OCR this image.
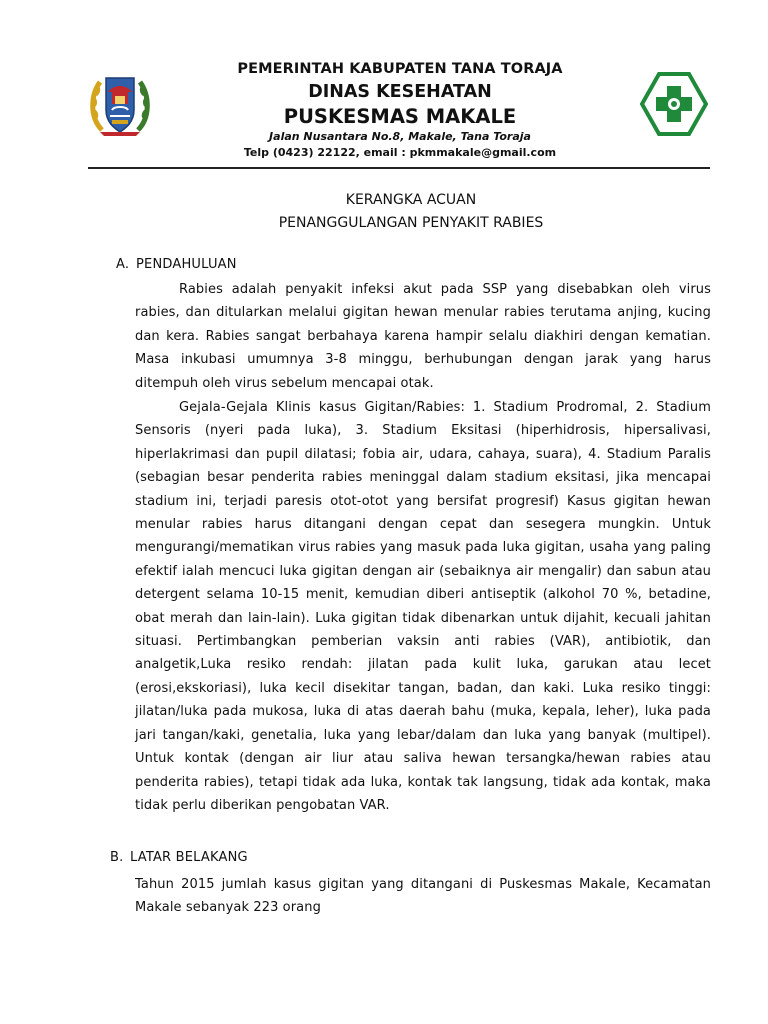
PEMERINTAH KABUPATEN TANA TORAJA
DINAS KESEHATAN
PUSKESMAS MAKALE
Jalan Nusantara No.8, Makale, Tana Toraja
Telp (0423) 22122, email : pkmmakale@gmail.com
KERANGKA ACUAN
PENANGGULANGAN PENYAKIT RABIES
A. PENDAHULUAN

Rabies adalah penyakit infeksi akut pada SSP yang disebabkan oleh virus rabies, dan ditularkan melalui gigitan hewan menular rabies terutama anjing, kucing dan kera. Rabies sangat berbahaya karena hampir selalu diakhiri dengan kematian. Masa inkubasi umumnya 3-8 minggu, berhubungan dengan jarak yang harus ditempuh oleh virus sebelum mencapai otak.

Gejala-Gejala Klinis kasus Gigitan/Rabies: 1. Stadium Prodromal, 2. Stadium Sensoris (nyeri pada luka), 3. Stadium Eksitasi (hiperhidrosis, hipersalivasi, hiperlakrimasi dan pupil dilatasi; fobia air, udara, cahaya, suara), 4. Stadium Paralis (sebagian besar penderita rabies meninggal dalam stadium eksitasi, jika mencapai stadium ini, terjadi paresis otot-otot yang bersifat progresif) Kasus gigitan hewan menular rabies harus ditangani dengan cepat dan sesegera mungkin. Untuk mengurangi/mematikan virus rabies yang masuk pada luka gigitan, usaha yang paling efektif ialah mencuci luka gigitan dengan air (sebaiknya air mengalir) dan sabun atau detergent selama 10-15 menit, kemudian diberi antiseptik (alkohol 70 %, betadine, obat merah dan lain-lain). Luka gigitan tidak dibenarkan untuk dijahit, kecuali jahitan situasi. Pertimbangkan pemberian vaksin anti rabies (VAR), antibiotik, dan analgetik,Luka resiko rendah: jilatan pada kulit luka, garukan atau lecet (erosi,ekskoriasi), luka kecil disekitar tangan, badan, dan kaki. Luka resiko tinggi: jilatan/luka pada mukosa, luka di atas daerah bahu (muka, kepala, leher), luka pada jari tangan/kaki, genetalia, luka yang lebar/dalam dan luka yang banyak (multipel). Untuk kontak (dengan air liur atau saliva hewan tersangka/hewan rabies atau penderita rabies), tetapi tidak ada luka, kontak tak langsung, tidak ada kontak, maka tidak perlu diberikan pengobatan VAR.

B. LATAR BELAKANG

Tahun 2015 jumlah kasus gigitan yang ditangani di Puskesmas Makale, Kecamatan Makale sebanyak 223 orang
